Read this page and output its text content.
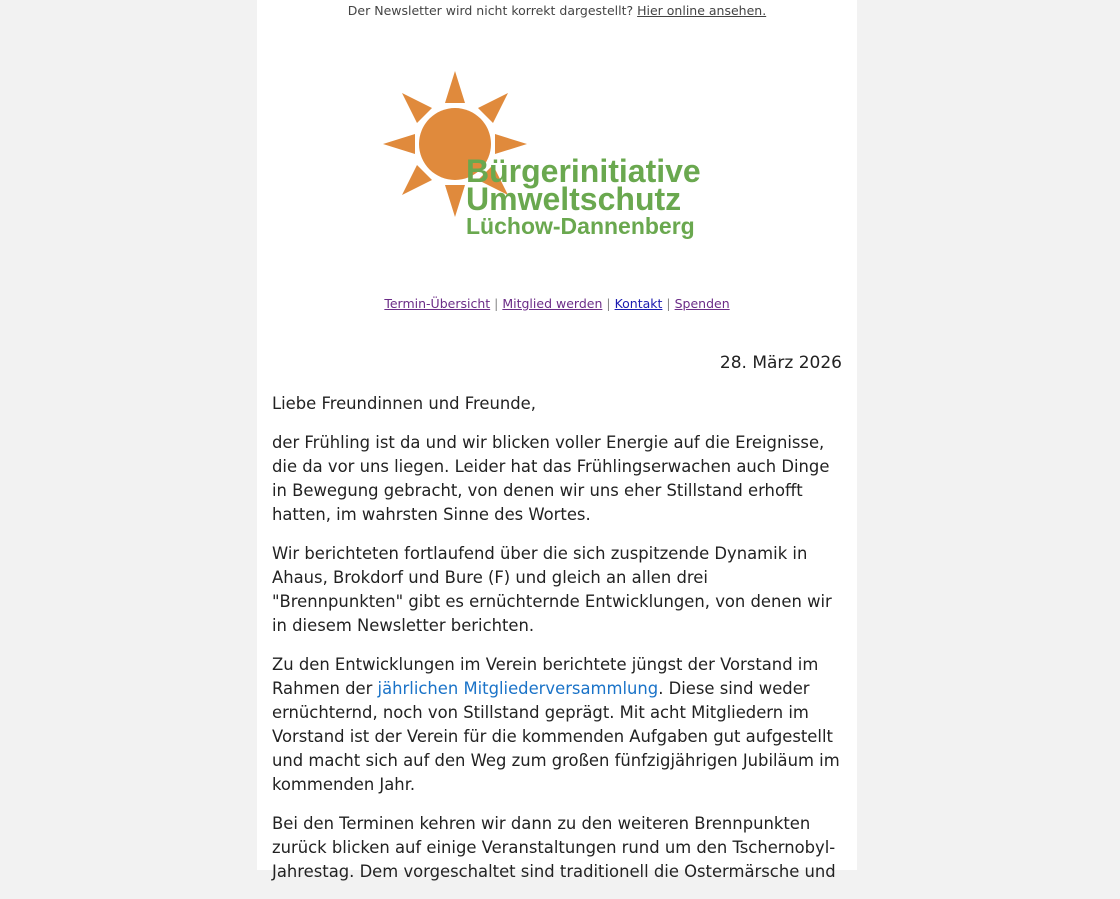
Der Newsletter wird nicht korrekt dargestellt? Hier online ansehen.
Bürgerinitiative
Umweltschutz
Lüchow-Dannenberg
Termin-Übersicht | Mitglied werden | Kontakt | Spenden
28. März 2026

Liebe Freundinnen und Freunde,

der Frühling ist da und wir blicken voller Energie auf die Ereignisse, die da vor uns liegen. Leider hat das Frühlingserwachen auch Dinge in Bewegung gebracht, von denen wir uns eher Stillstand erhofft hatten, im wahrsten Sinne des Wortes.

Wir berichteten fortlaufend über die sich zuspitzende Dynamik in Ahaus, Brokdorf und Bure (F) und gleich an allen drei "Brennpunkten" gibt es ernüchternde Entwicklungen, von denen wir in diesem Newsletter berichten.

Zu den Entwicklungen im Verein berichtete jüngst der Vorstand im Rahmen der jährlichen Mitgliederversammlung. Diese sind weder ernüchternd, noch von Stillstand geprägt. Mit acht Mitgliedern im Vorstand ist der Verein für die kommenden Aufgaben gut aufgestellt und macht sich auf den Weg zum großen fünfzigjährigen Jubiläum im kommenden Jahr.

Bei den Terminen kehren wir dann zu den weiteren Brennpunkten zurück blicken auf einige Veranstaltungen rund um den Tschernobyl-Jahrestag. Dem vorgeschaltet sind traditionell die Ostermärsche und
